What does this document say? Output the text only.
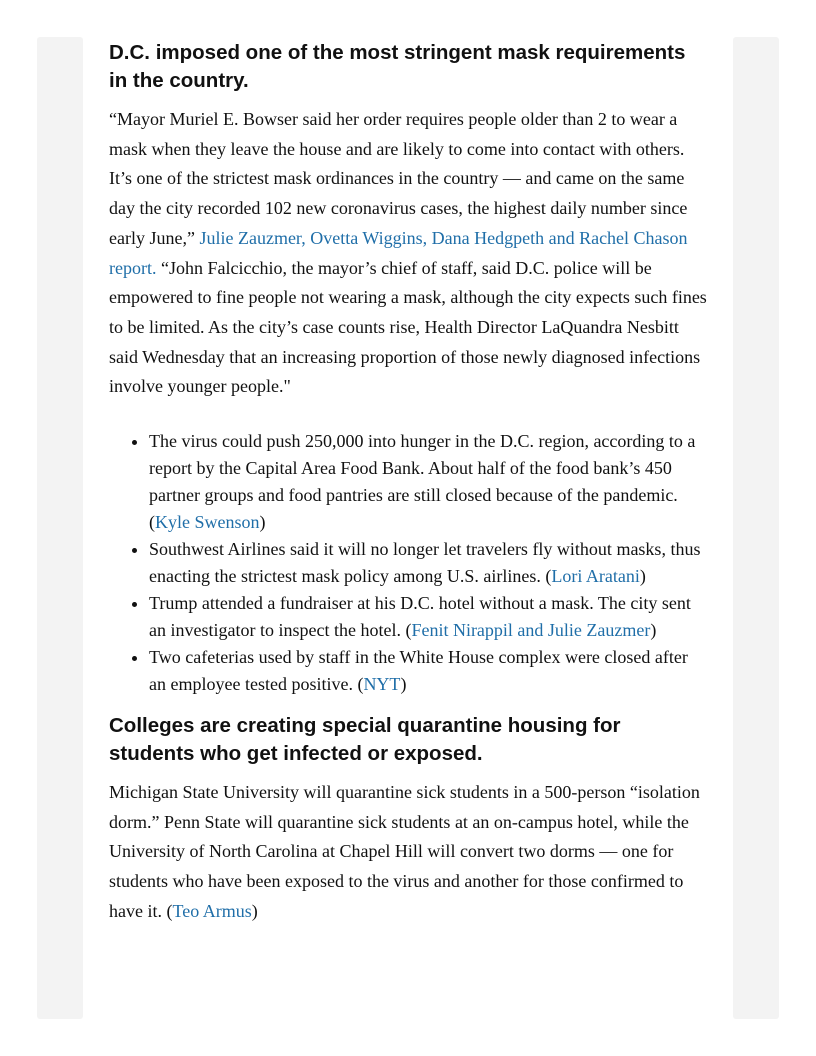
D.C. imposed one of the most stringent mask requirements in the country.

“Mayor Muriel E. Bowser said her order requires people older than 2 to wear a mask when they leave the house and are likely to come into contact with others. It’s one of the strictest mask ordinances in the country — and came on the same day the city recorded 102 new coronavirus cases, the highest daily number since early June,” Julie Zauzmer, Ovetta Wiggins, Dana Hedgpeth and Rachel Chason report. “John Falcicchio, the mayor’s chief of staff, said D.C. police will be empowered to fine people not wearing a mask, although the city expects such fines to be limited. As the city’s case counts rise, Health Director LaQuandra Nesbitt said Wednesday that an increasing proportion of those newly diagnosed infections involve younger people."

• The virus could push 250,000 into hunger in the D.C. region, according to a report by the Capital Area Food Bank. About half of the food bank’s 450 partner groups and food pantries are still closed because of the pandemic. (Kyle Swenson)
• Southwest Airlines said it will no longer let travelers fly without masks, thus enacting the strictest mask policy among U.S. airlines. (Lori Aratani)
• Trump attended a fundraiser at his D.C. hotel without a mask. The city sent an investigator to inspect the hotel. (Fenit Nirappil and Julie Zauzmer)
• Two cafeterias used by staff in the White House complex were closed after an employee tested positive. (NYT)
Colleges are creating special quarantine housing for students who get infected or exposed.

Michigan State University will quarantine sick students in a 500-person “isolation dorm.” Penn State will quarantine sick students at an on-campus hotel, while the University of North Carolina at Chapel Hill will convert two dorms — one for students who have been exposed to the virus and another for those confirmed to have it. (Teo Armus)
